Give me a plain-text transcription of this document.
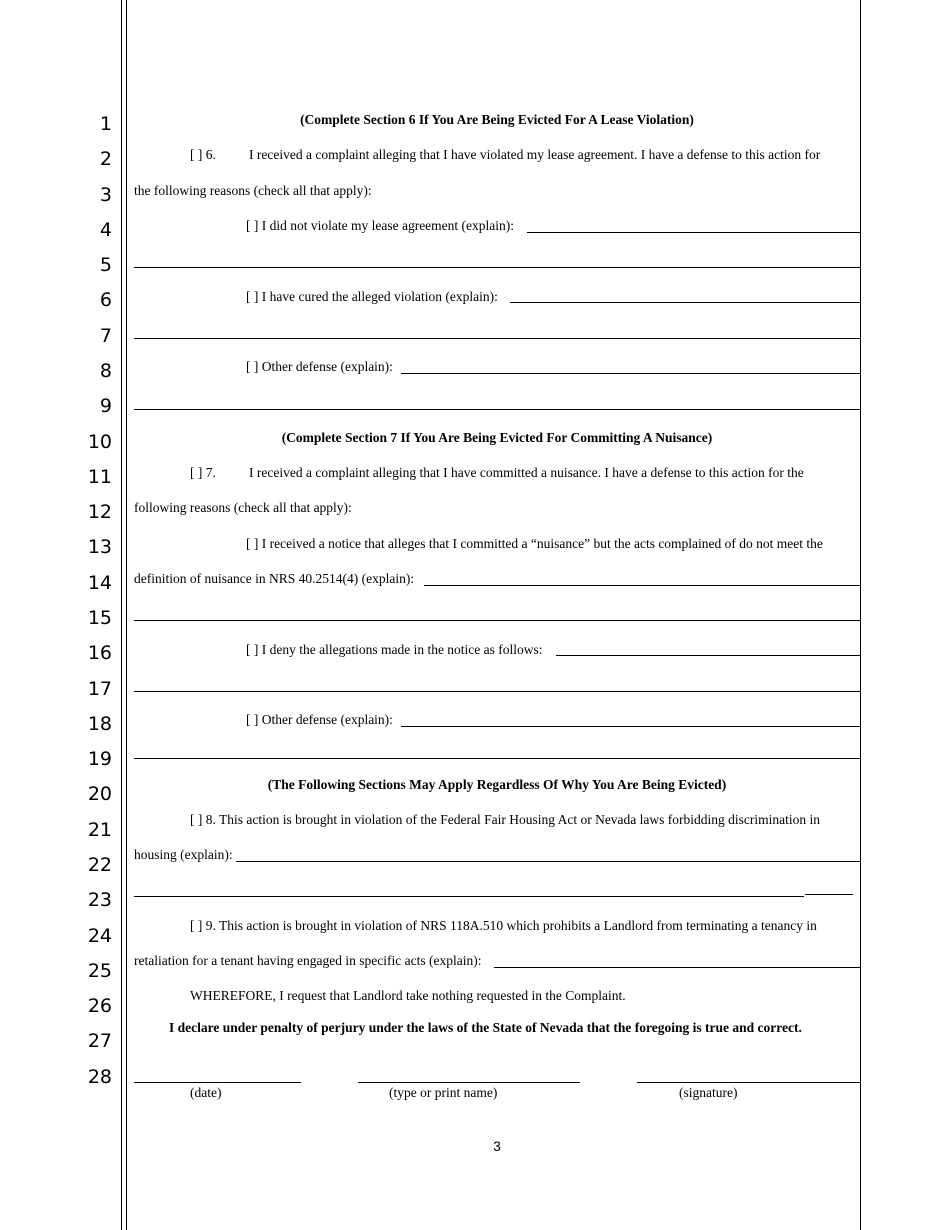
1
2
3
4
5
6
7
8
9
10
11
12
13
14
15
16
17
18
19
20
21
22
23
24
25
26
27
28
(Complete Section 6 If You Are Being Evicted For A Lease Violation)
[ ] 6. I received a complaint alleging that I have violated my lease agreement. I have a defense to this action for
the following reasons (check all that apply):
[ ] I did not violate my lease agreement (explain):
[ ] I have cured the alleged violation (explain):
[ ] Other defense (explain):
(Complete Section 7 If You Are Being Evicted For Committing A Nuisance)
[ ] 7. I received a complaint alleging that I have committed a nuisance. I have a defense to this action for the
following reasons (check all that apply):
[ ] I received a notice that alleges that I committed a “nuisance” but the acts complained of do not meet the
definition of nuisance in NRS 40.2514(4) (explain):
[ ] I deny the allegations made in the notice as follows:
[ ] Other defense (explain):
(The Following Sections May Apply Regardless Of Why You Are Being Evicted)
[ ] 8. This action is brought in violation of the Federal Fair Housing Act or Nevada laws forbidding discrimination in
housing (explain):
[ ] 9. This action is brought in violation of NRS 118A.510 which prohibits a Landlord from terminating a tenancy in
retaliation for a tenant having engaged in specific acts (explain):
WHEREFORE, I request that Landlord take nothing requested in the Complaint.
I declare under penalty of perjury under the laws of the State of Nevada that the foregoing is true and correct.
(date)	(type or print name)	(signature)
3
